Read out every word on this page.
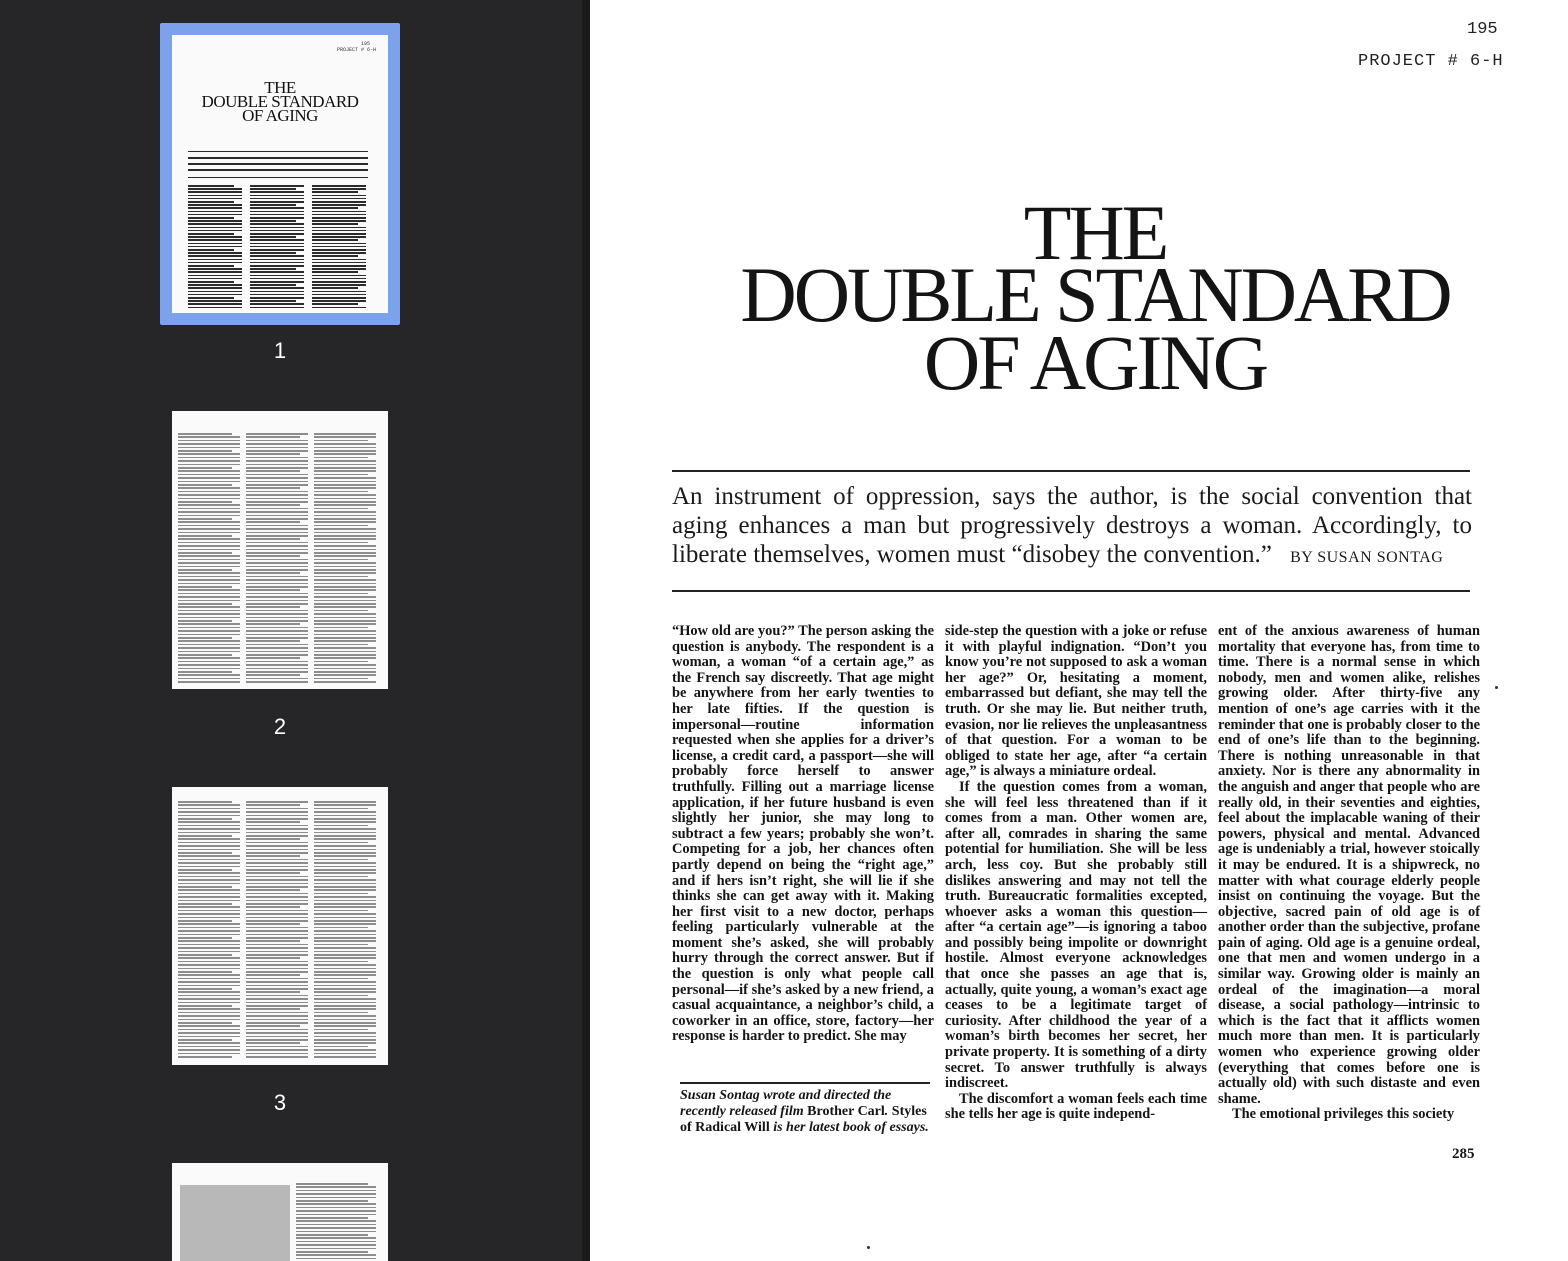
195
PROJECT # 6-H
THE
DOUBLE STANDARD
OF AGING
1
2
3
195
PROJECT # 6-H
THE
DOUBLE STANDARD
OF AGING
An instrument of oppression, says the author, is the social convention that aging enhances a man but progressively destroys a woman. Accordingly, to liberate themselves, women must “disobey the convention.” BY SUSAN SONTAG

“How old are you?” The person asking the question is anybody. The respondent is a woman, a woman “of a certain age,” as the French say discreetly. That age might be anywhere from her early twenties to her late fifties. If the question is impersonal—routine information requested when she applies for a driver’s license, a credit card, a passport—she will probably force herself to answer truthfully. Filling out a marriage license application, if her future husband is even slightly her junior, she may long to subtract a few years; probably she won’t. Competing for a job, her chances often partly depend on being the “right age,” and if hers isn’t right, she will lie if she thinks she can get away with it. Making her first visit to a new doctor, perhaps feeling particularly vulnerable at the moment she’s asked, she will probably hurry through the correct answer. But if the question is only what people call personal—if she’s asked by a new friend, a casual acquaintance, a neighbor’s child, a coworker in an office, store, factory—her response is harder to predict. She may

side-step the question with a joke or refuse it with playful indignation. “Don’t you know you’re not supposed to ask a woman her age?” Or, hesitating a moment, embarrassed but defiant, she may tell the truth. Or she may lie. But neither truth, evasion, nor lie relieves the unpleasantness of that question. For a woman to be obliged to state her age, after “a certain age,” is always a miniature ordeal.

If the question comes from a woman, she will feel less threatened than if it comes from a man. Other women are, after all, comrades in sharing the same potential for humiliation. She will be less arch, less coy. But she probably still dislikes answering and may not tell the truth. Bureaucratic formalities excepted, whoever asks a woman this question—after “a certain age”—is ignoring a taboo and possibly being impolite or downright hostile. Almost everyone acknowledges that once she passes an age that is, actually, quite young, a woman’s exact age ceases to be a legitimate target of curiosity. After childhood the year of a woman’s birth becomes her secret, her private property. It is something of a dirty secret. To answer truthfully is always indiscreet.

The discomfort a woman feels each time she tells her age is quite independ-

ent of the anxious awareness of human mortality that everyone has, from time to time. There is a normal sense in which nobody, men and women alike, relishes growing older. After thirty-five any mention of one’s age carries with it the reminder that one is probably closer to the end of one’s life than to the beginning. There is nothing unreasonable in that anxiety. Nor is there any abnormality in the anguish and anger that people who are really old, in their seventies and eighties, feel about the implacable waning of their powers, physical and mental. Advanced age is undeniably a trial, however stoically it may be endured. It is a shipwreck, no matter with what courage elderly people insist on continuing the voyage. But the objective, sacred pain of old age is of another order than the subjective, profane pain of aging. Old age is a genuine ordeal, one that men and women undergo in a similar way. Growing older is mainly an ordeal of the imagination—a moral disease, a social pathology—intrinsic to which is the fact that it afflicts women much more than men. It is particularly women who experience growing older (everything that comes before one is actually old) with such distaste and even shame.

The emotional privileges this society

Susan Sontag wrote and directed the recently released film Brother Carl. Styles of Radical Will is her latest book of essays.
285
